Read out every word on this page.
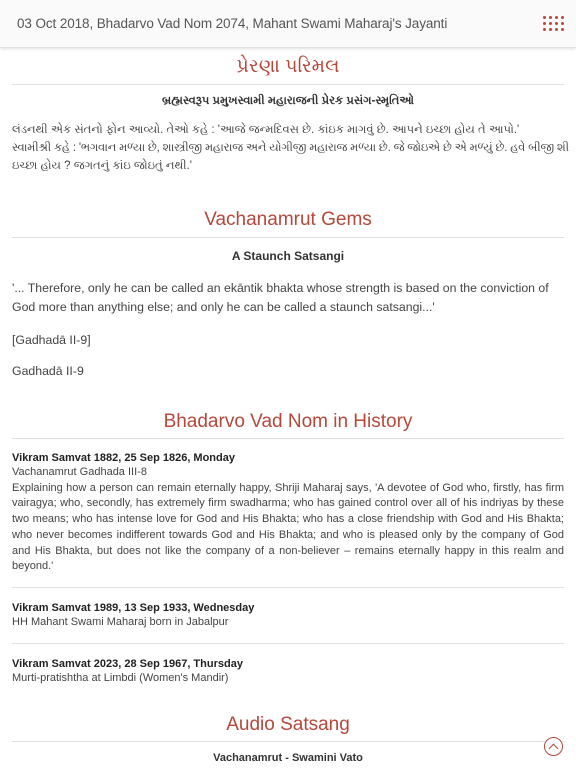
03 Oct 2018, Bhadarvo Vad Nom 2074, Mahant Swami Maharaj's Jayanti
પ્રેરણા પરિમલ
બ્રહ્મસ્વરૂપ પ્રમુખસ્વામી મહારાજની પ્રેરક પ્રસંગ-સ્મૃતિઓ
લંડનથી એક સંતનો ફોન આવ્યો. તેઓ કહે : 'આજે જન્મદિવસ છે. કાંઇક માગવું છે. આપને ઇચ્છા હોય તે આપો.'
સ્વામીશ્રી કહે : 'ભગવાન મળ્યા છે, શાસ્ત્રીજી મહારાજ અને યોગીજી મહારાજ મળ્યા છે. જે જોઇએ છે એ મળ્યું છે. હવે બીજી શી
ઇચ્છા હોય ? જગતનું કાંઇ જોઇતું નથી.'
Vachanamrut Gems
A Staunch Satsangi
'... Therefore, only he can be called an ekāntik bhakta whose strength is based on the conviction of God more than anything else; and only he can be called a staunch satsangi...'
[Gadhadā II-9]
Gadhadā II-9
Bhadarvo Vad Nom in History
Vikram Samvat 1882, 25 Sep 1826, Monday
Vachanamrut Gadhada III-8
Explaining how a person can remain eternally happy, Shriji Maharaj says, 'A devotee of God who, firstly, has firm vairagya; who, secondly, has extremely firm swadharma; who has gained control over all of his indriyas by these two means; who has intense love for God and His Bhakta; who has a close friendship with God and His Bhakta; who never becomes indifferent towards God and His Bhakta; and who is pleased only by the company of God and His Bhakta, but does not like the company of a non-believer – remains eternally happy in this realm and beyond.'
Vikram Samvat 1989, 13 Sep 1933, Wednesday
HH Mahant Swami Maharaj born in Jabalpur
Vikram Samvat 2023, 28 Sep 1967, Thursday
Murti-pratishtha at Limbdi (Women's Mandir)
Audio Satsang
Vachanamrut - Swamini Vato
